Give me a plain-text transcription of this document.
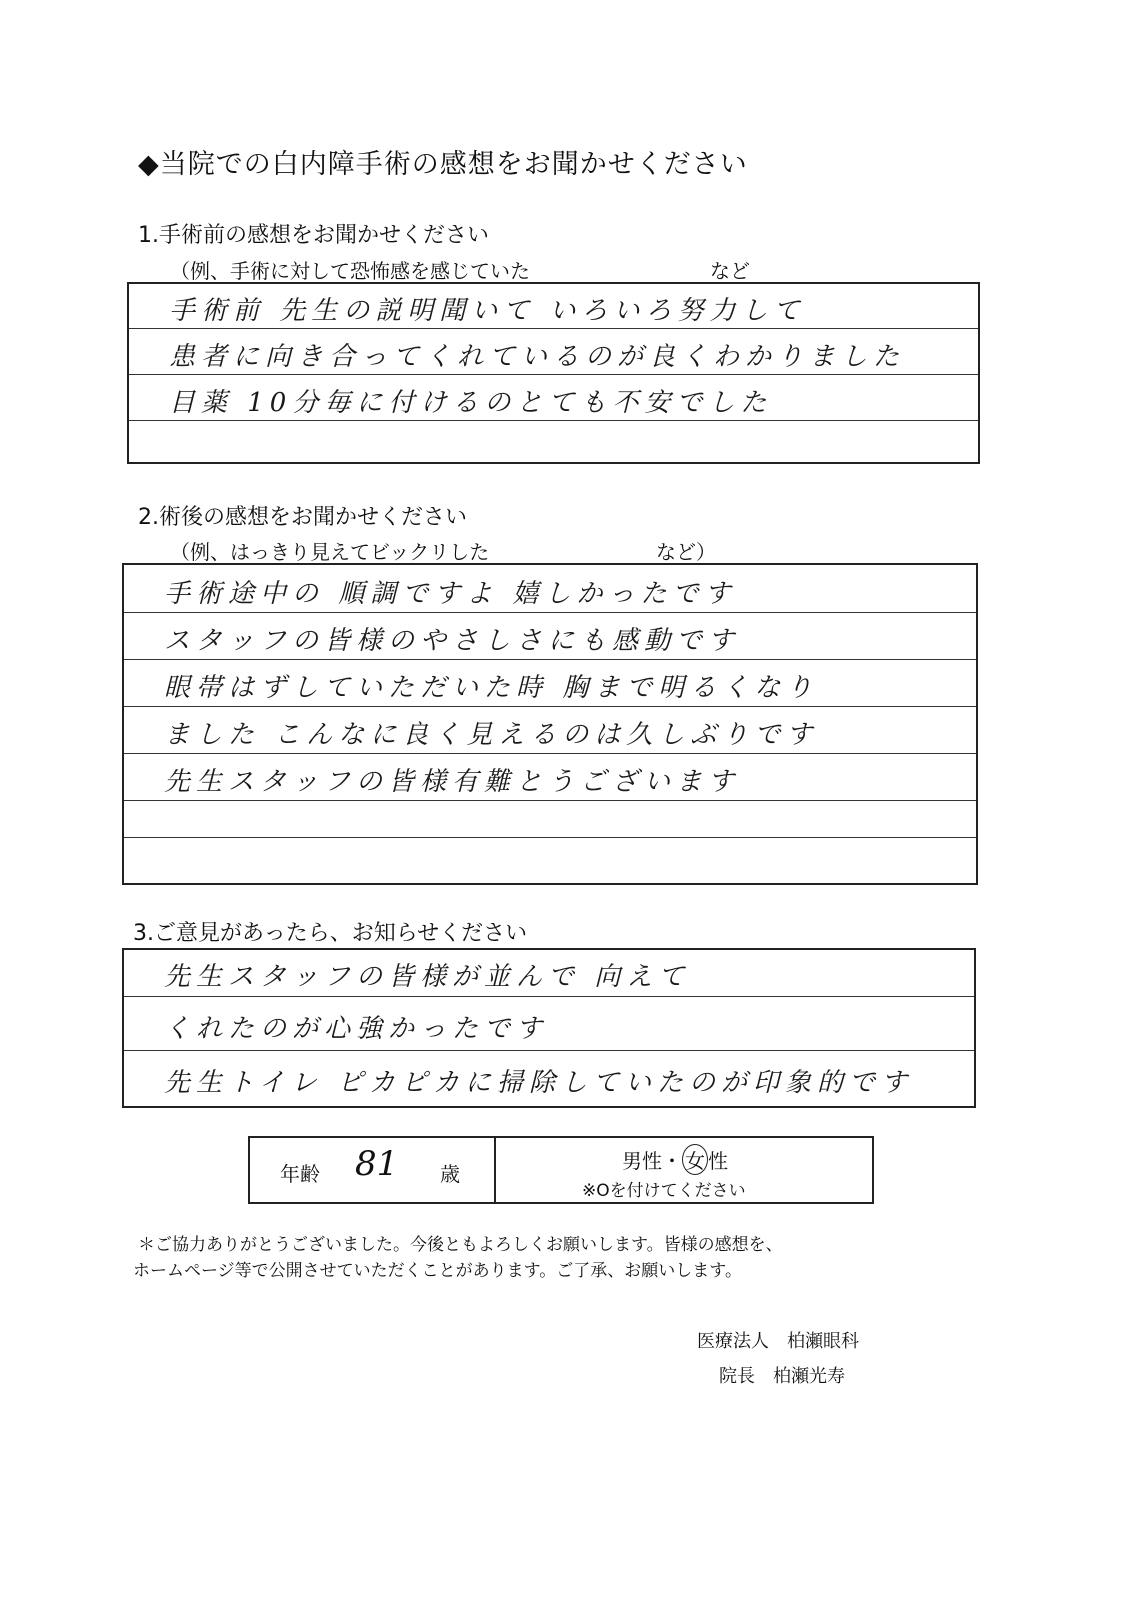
◆当院での白内障手術の感想をお聞かせください
1.手術前の感想をお聞かせください
（例、手術に対して恐怖感を感じていた	など
手術前 先生の説明聞いて いろいろ努力して
患者に向き合ってくれているのが良くわかりました
目薬 10分毎に付けるのとても不安でした
2.術後の感想をお聞かせください
（例、はっきり見えてビックリした	など）
手術途中の 順調ですよ 嬉しかったです
スタッフの皆様のやさしさにも感動です
眼帯はずしていただいた時 胸まで明るくなり
ました こんなに良く見えるのは久しぶりです
先生スタッフの皆様有難とうございます
3.ご意見があったら、お知らせください
先生スタッフの皆様が並んで 向えて
くれたのが心強かったです
先生トイレ ピカピカに掃除していたのが印象的です
年齢 81 歳
男性・ 女 性
※Oを付けてください
＊ご協力ありがとうございました。今後ともよろしくお願いします。皆様の感想を、
ホームページ等で公開させていただくことがあります。ご了承、お願いします。
医療法人 柏瀬眼科
院長 柏瀬光寿
